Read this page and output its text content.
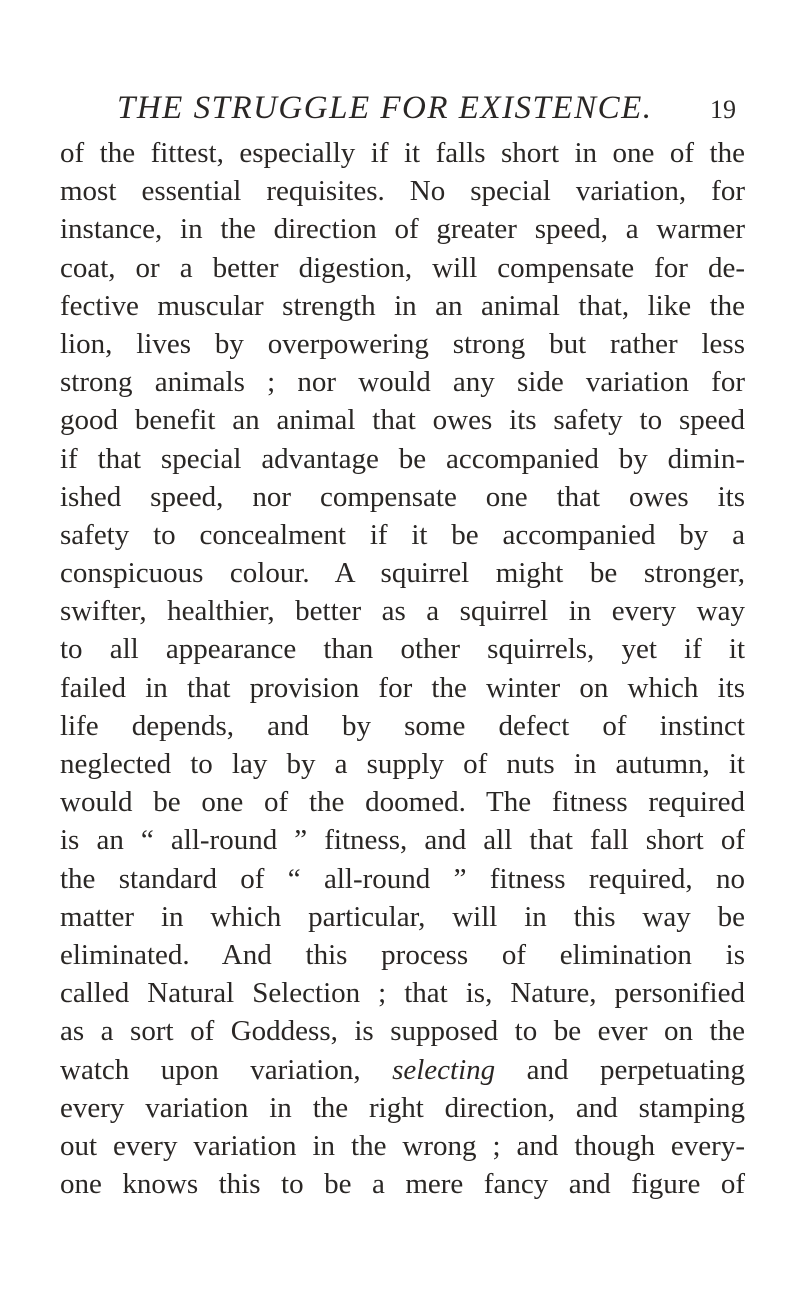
THE STRUGGLE FOR EXISTENCE. 19
of the fittest, especially if it falls short in one of the
most essential requisites. No special variation, for
instance, in the direction of greater speed, a warmer
coat, or a better digestion, will compensate for de-
fective muscular strength in an animal that, like the
lion, lives by overpowering strong but rather less
strong animals ; nor would any side variation for
good benefit an animal that owes its safety to speed
if that special advantage be accompanied by dimin-
ished speed, nor compensate one that owes its
safety to concealment if it be accompanied by a
conspicuous colour. A squirrel might be stronger,
swifter, healthier, better as a squirrel in every way
to all appearance than other squirrels, yet if it
failed in that provision for the winter on which its
life depends, and by some defect of instinct
neglected to lay by a supply of nuts in autumn, it
would be one of the doomed. The fitness required
is an “ all-round ” fitness, and all that fall short of
the standard of “ all-round ” fitness required, no
matter in which particular, will in this way be
eliminated. And this process of elimination is
called Natural Selection ; that is, Nature, personified
as a sort of Goddess, is supposed to be ever on the
watch upon variation, selecting and perpetuating
every variation in the right direction, and stamping
out every variation in the wrong ; and though every-
one knows this to be a mere fancy and figure of
